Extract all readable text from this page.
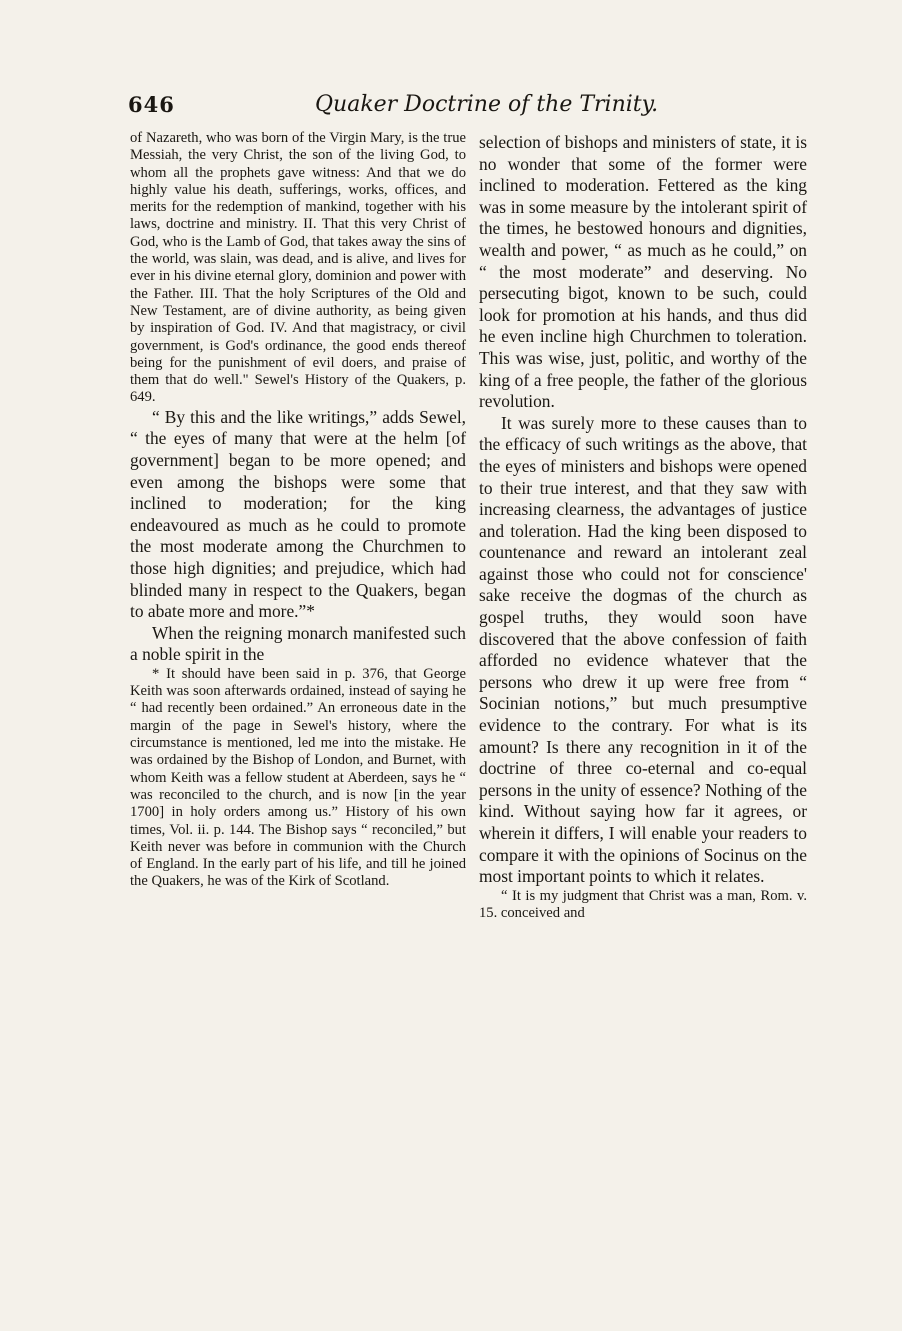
646	Quaker Doctrine of the Trinity.

of Nazareth, who was born of the Virgin Mary, is the true Messiah, the very Christ, the son of the living God, to whom all the prophets gave witness: And that we do highly value his death, sufferings, works, offices, and merits for the redemption of mankind, together with his laws, doctrine and ministry. II. That this very Christ of God, who is the Lamb of God, that takes away the sins of the world, was slain, was dead, and is alive, and lives for ever in his divine eternal glory, dominion and power with the Father. III. That the holy Scriptures of the Old and New Testament, are of divine authority, as being given by inspiration of God. IV. And that magistracy, or civil government, is God's ordinance, the good ends thereof being for the punishment of evil doers, and praise of them that do well." Sewel's History of the Quakers, p. 649.

“ By this and the like writings,” adds Sewel, “ the eyes of many that were at the helm [of government] began to be more opened; and even among the bishops were some that inclined to moderation; for the king endeavoured as much as he could to promote the most moderate among the Churchmen to those high dignities; and prejudice, which had blinded many in respect to the Quakers, began to abate more and more.”*

When the reigning monarch manifested such a noble spirit in the

* It should have been said in p. 376, that George Keith was soon afterwards ordained, instead of saying he “ had recently been ordained.” An erroneous date in the margin of the page in Sewel's history, where the circumstance is mentioned, led me into the mistake. He was ordained by the Bishop of London, and Burnet, with whom Keith was a fellow student at Aberdeen, says he “ was reconciled to the church, and is now [in the year 1700] in holy orders among us.” History of his own times, Vol. ii. p. 144. The Bishop says “ reconciled,” but Keith never was before in communion with the Church of England. In the early part of his life, and till he joined the Quakers, he was of the Kirk of Scotland.

selection of bishops and ministers of state, it is no wonder that some of the former were inclined to moderation. Fettered as the king was in some measure by the intolerant spirit of the times, he bestowed honours and dignities, wealth and power, “ as much as he could,” on “ the most moderate” and deserving. No persecuting bigot, known to be such, could look for promotion at his hands, and thus did he even incline high Churchmen to toleration. This was wise, just, politic, and worthy of the king of a free people, the father of the glorious revolution.

It was surely more to these causes than to the efficacy of such writings as the above, that the eyes of ministers and bishops were opened to their true interest, and that they saw with increasing clearness, the advantages of justice and toleration. Had the king been disposed to countenance and reward an intolerant zeal against those who could not for conscience' sake receive the dogmas of the church as gospel truths, they would soon have discovered that the above confession of faith afforded no evidence whatever that the persons who drew it up were free from “ Socinian notions,” but much presumptive evidence to the contrary. For what is its amount? Is there any recognition in it of the doctrine of three co-eternal and co-equal persons in the unity of essence? Nothing of the kind. Without saying how far it agrees, or wherein it differs, I will enable your readers to compare it with the opinions of Socinus on the most important points to which it relates.

“ It is my judgment that Christ was a man, Rom. v. 15. conceived and
